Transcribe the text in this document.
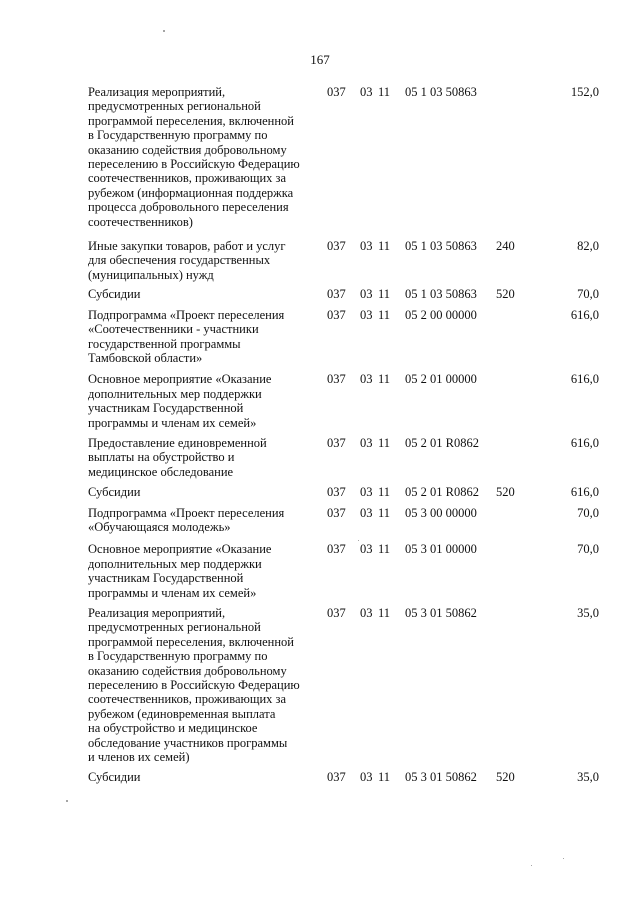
167
Реализация мероприятий,
предусмотренных региональной
программой переселения, включенной
в Государственную программу по
оказанию содействия добровольному
переселению в Российскую Федерацию
соотечественников, проживающих за
рубежом (информационная поддержка
процесса добровольного переселения
соотечественников)
037 03 11 05 1 03 50863	152,0
Иные закупки товаров, работ и услуг
для обеспечения государственных
(муниципальных) нужд
037 03 11 05 1 03 50863 240	82,0
Субсидии	037 03 11 05 1 03 50863 520	70,0
Подпрограмма «Проект переселения
«Соотечественники - участники
государственной программы
Тамбовской области»
037 03 11 05 2 00 00000	616,0
Основное мероприятие «Оказание
дополнительных мер поддержки
участникам Государственной
программы и членам их семей»
037 03 11 05 2 01 00000	616,0
Предоставление единовременной
выплаты на обустройство и
медицинское обследование
037 03 11 05 2 01 R0862	616,0
Субсидии	037 03 11 05 2 01 R0862 520	616,0
Подпрограмма «Проект переселения
«Обучающаяся молодежь»
037 03 11 05 3 00 00000	70,0
Основное мероприятие «Оказание
дополнительных мер поддержки
участникам Государственной
программы и членам их семей»
037 03 11 05 3 01 00000	70,0
Реализация мероприятий,
предусмотренных региональной
программой переселения, включенной
в Государственную программу по
оказанию содействия добровольному
переселению в Российскую Федерацию
соотечественников, проживающих за
рубежом (единовременная выплата
на обустройство и медицинское
обследование участников программы
и членов их семей)
037 03 11 05 3 01 50862	35,0
Субсидии	037 03 11 05 3 01 50862 520	35,0
